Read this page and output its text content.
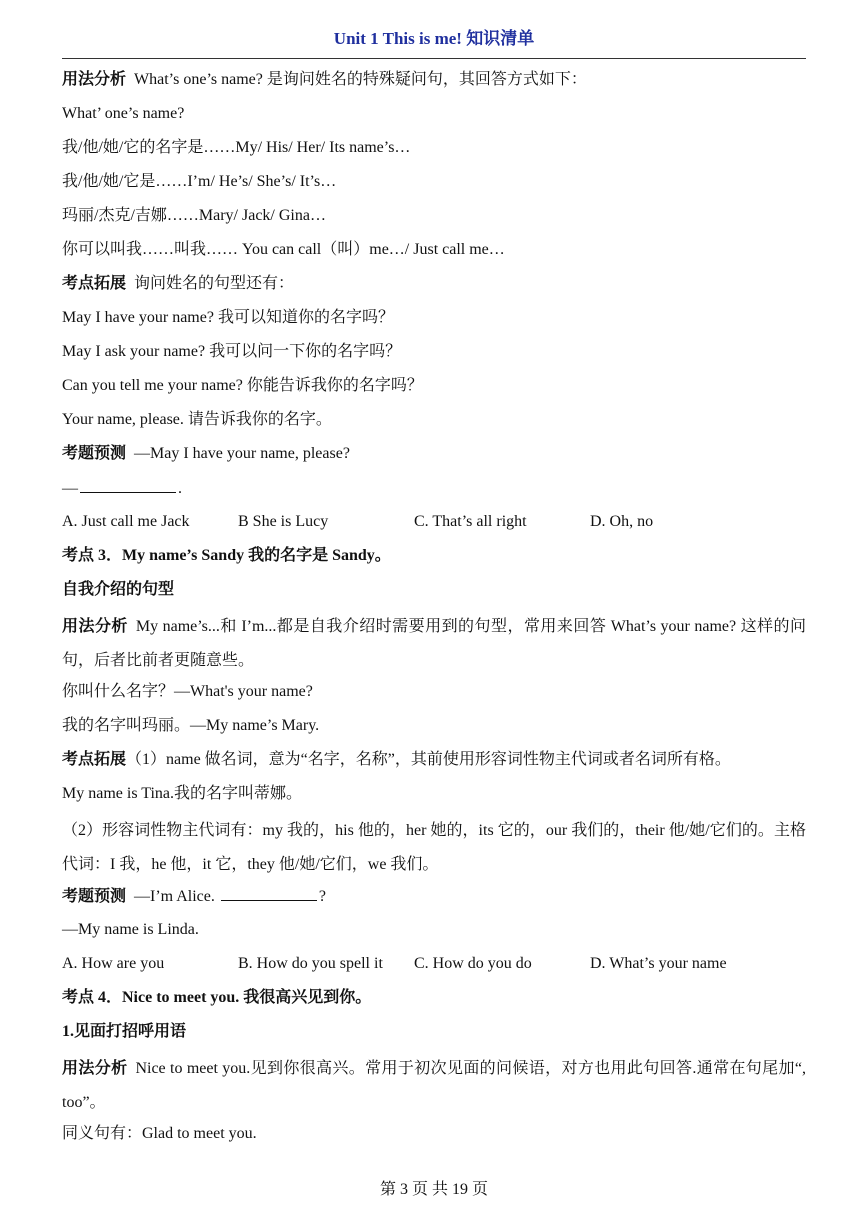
Unit 1 This is me! 知识清单
用法分析 What’s one’s name? 是询问姓名的特殊疑问句，其回答方式如下：
What’ one’s name?
我/他/她/它的名字是……My/ His/ Her/ Its name’s…
我/他/她/它是……I’m/ He’s/ She’s/ It’s…
玛丽/杰克/吉娜……Mary/ Jack/ Gina…
你可以叫我……叫我…… You can call（叫）me…/ Just call me…
考点拓展 询问姓名的句型还有：
May I have your name? 我可以知道你的名字吗？
May I ask your name? 我可以问一下你的名字吗？
Can you tell me your name? 你能告诉我你的名字吗？
Your name, please. 请告诉我你的名字。
考题预测 —May I have your name, please?
—	.
A. Just call me Jack	B She is Lucy	C. That’s all right	D. Oh, no
考点 3．My name’s Sandy 我的名字是 Sandy。
自我介绍的句型
用法分析 My name’s...和 I’m...都是自我介绍时需要用到的句型，常用来回答 What’s your name? 这样的问句，后者比前者更随意些。
你叫什么名字？—What's your name?
我的名字叫玛丽。—My name’s Mary.
考点拓展（1）name 做名词，意为“名字，名称”，其前使用形容词性物主代词或者名词所有格。
My name is Tina.我的名字叫蒂娜。
（2）形容词性物主代词有：my 我的，his 他的，her 她的，its 它的，our 我们的，their 他/她/它们的。主格代词：I 我，he 他，it 它，they 他/她/它们，we 我们。
考题预测 —I’m Alice.	?
—My name is Linda.
A. How are you	B. How do you spell it	C. How do you do	D. What’s your name
考点 4．Nice to meet you. 我很高兴见到你。
1.见面打招呼用语
用法分析 Nice to meet you.见到你很高兴。常用于初次见面的问候语，对方也用此句回答.通常在句尾加“, too”。
同义句有：Glad to meet you.
第 3 页 共 19 页
